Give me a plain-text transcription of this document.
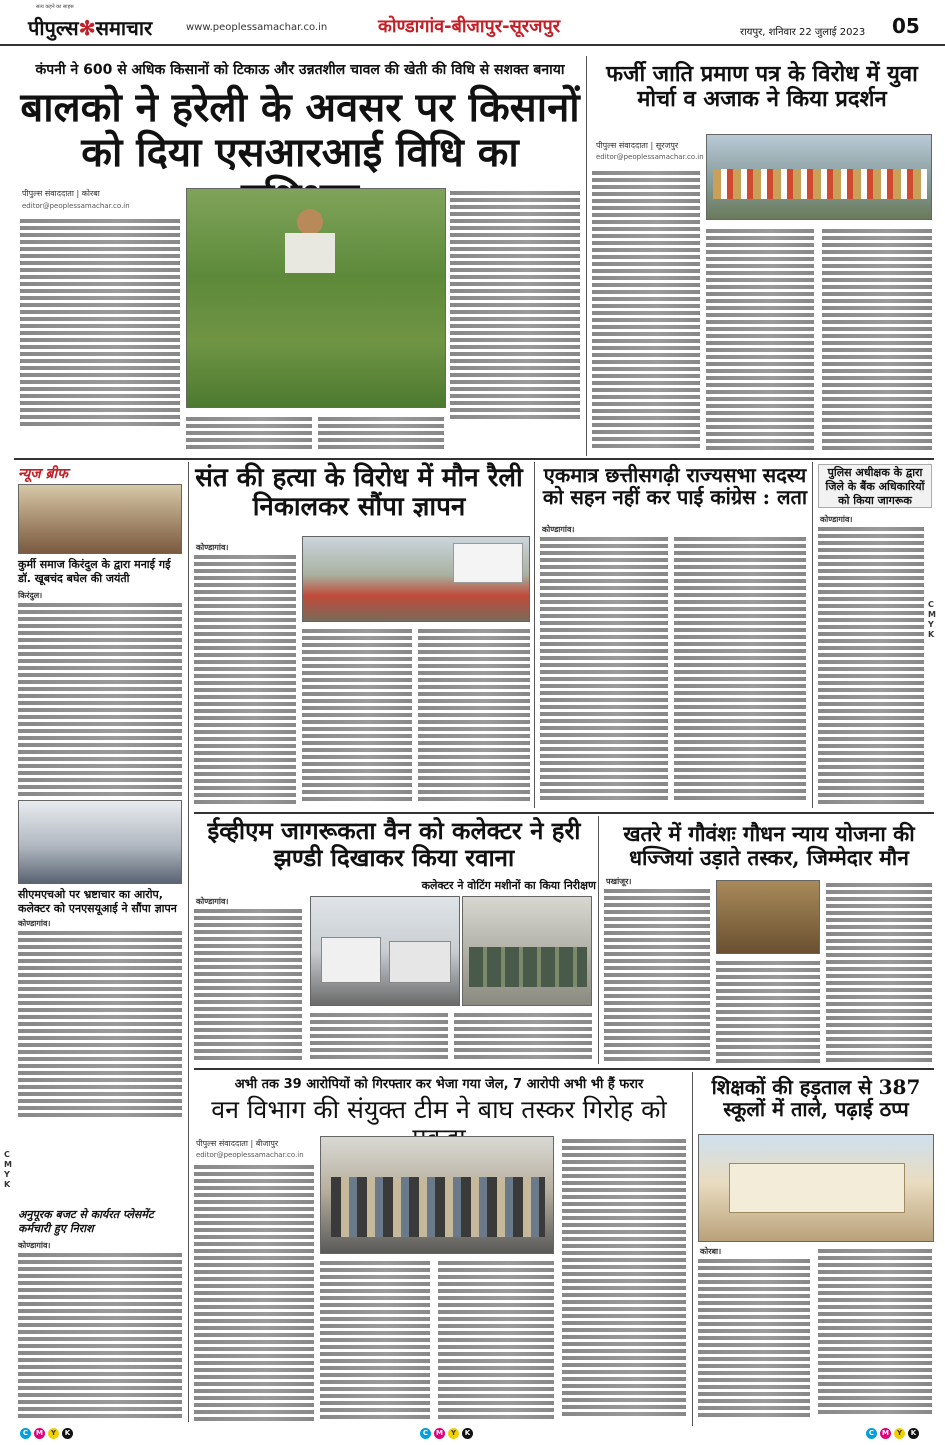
सत्य कहने का साहस
पीपुल्स✻समाचार	www.peoplessamachar.co.in	कोण्डागांव-बीजापुर-सूरजपुर	रायपुर, शनिवार 22 जुलाई 2023 05
कंपनी ने 600 से अधिक किसानों को टिकाऊ और उन्नतशील चावल की खेती की विधि से सशक्त बनाया
बालको ने हरेली के अवसर पर किसानों को दिया एसआरआई विधि का
पीपुल्स संवाददाता | कोरबा
editor@peoplessamachar.co.in
फर्जी जाति प्रमाण पत्र के विरोध में युवा मोर्चा व अजाक ने किया प्रदर्शन
पीपुल्स संवाददाता | सूरजपुर
editor@peoplessamachar.co.in
न्यूज ब्रीफ
कुर्मी समाज किरंदुल के द्वारा मनाई गई डॉ. खूबचंद बघेल की जयंती
किरंदुल।
सीएमएचओ पर भ्रष्टाचार का आरोप, कलेक्टर को एनएसयूआई ने सौंपा ज्ञापन
कोण्डागांव।
अनुपूरक बजट से कार्यरत प्लेसमेंट कर्मचारी हुए निराश
कोण्डागांव।
संत की हत्या के विरोध में मौन रैली निकालकर सौंपा ज्ञापन
कोण्डागांव।
एकमात्र छत्तीसगढ़ी राज्यसभा सदस्य को सहन नहीं कर पाई कांग्रेस : लता
कोण्डागांव।
पुलिस अधीक्षक के द्वारा जिले के बैंक अधिकारियों को किया जागरूक
कोण्डागांव।
C
M
Y
K
ईव्हीएम जागरूकता वैन को कलेक्टर ने हरी झण्डी दिखाकर किया रवाना
कलेक्टर ने वोटिंग मशीनों का किया निरीक्षण
कोण्डागांव।
खतरे में गौवंशः गौधन न्याय योजना की धज्जियां उड़ाते तस्कर, जिम्मेदार मौन
पखांजूर।
अभी तक 39 आरोपियों को गिरफ्तार कर भेजा गया जेल, 7 आरोपी अभी भी हैं फरार
वन विभाग की संयुक्त टीम ने बाघ तस्कर गिरोह को
पीपुल्स संवाददाता | बीजापुर
editor@peoplessamachar.co.in
शिक्षकों की हड़ताल से 387 स्कूलों में ताले, पढ़ाई ठप्प
कोरबा।
C
M
Y
K
C	M	Y	K	C	M	Y	K	C	M	Y	K
